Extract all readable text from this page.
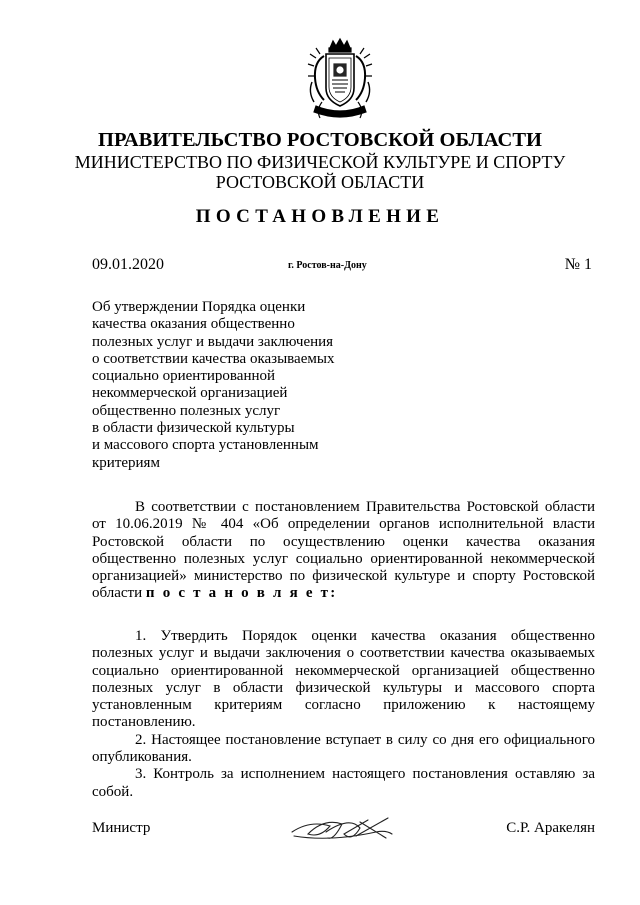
ПРАВИТЕЛЬСТВО РОСТОВСКОЙ ОБЛАСТИ
МИНИСТЕРСТВО ПО ФИЗИЧЕСКОЙ КУЛЬТУРЕ И СПОРТУ
РОСТОВСКОЙ ОБЛАСТИ
ПОСТАНОВЛЕНИЕ
09.01.2020	г. Ростов-на-Дону	№ 1
Об утверждении Порядка оценки
качества оказания общественно
полезных услуг и выдачи заключения
о соответствии качества оказываемых
социально ориентированной
некоммерческой организацией
общественно полезных услуг
в области физической культуры
и массового спорта установленным
критериям

В соответствии с постановлением Правительства Ростовской области от 10.06.2019 № 404 «Об определении органов исполнительной власти Ростовской области по осуществлению оценки качества оказания общественно полезных услуг социально ориентированной некоммерческой организацией» министерство по физической культуре и спорту Ростовской области п о с т а н о в л я е т:

1. Утвердить Порядок оценки качества оказания общественно полезных услуг и выдачи заключения о соответствии качества оказываемых социально ориентированной некоммерческой организацией общественно полезных услуг в области физической культуры и массового спорта установленным критериям согласно приложению к настоящему постановлению.

2. Настоящее постановление вступает в силу со дня его официального опубликования.

3. Контроль за исполнением настоящего постановления оставляю за собой.

Министр	С.Р. Аракелян
